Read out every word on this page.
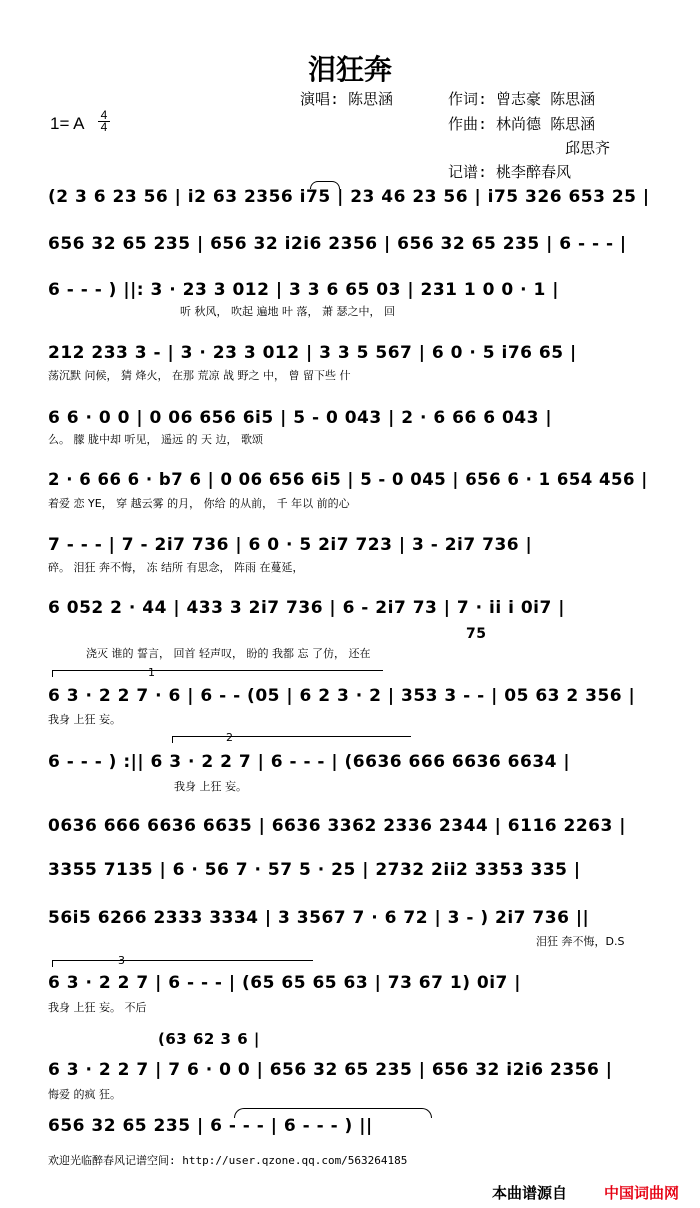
泪狂奔
演唱: 陈思涵	作词: 曾志豪 陈思涵
1= A $\frac{4}{4}$	作曲: 林尚德 陈思涵
邱思齐
记谱: 桃李醉春风
(2 3 6 23 56 | i2 63 2356 i75 | 23 46 23 56 | i75 326 653 25 |
656 32 65 235 | 656 32 i2i6 2356 | 656 32 65 235 | 6 - - - |
6 - - - ) ||: 3 · 23 3 012 | 3 3 6 65 03 | 231 1 0 0 · 1 |
听 秋风， 吹起 遍地 叶 落， 萧 瑟之中， 回
212 233 3 - | 3 · 23 3 012 | 3 3 5 567 | 6 0 · 5 i76 65 |
荡沉默 问候， 猜 烽火， 在那 荒凉 战 野之 中， 曾 留下些 什
6 6 · 0 0 | 0 06 656 6i5 | 5 - 0 043 | 2 · 6 66 6 043 |
么。 朦 胧中却 听见， 遥远 的 天 边， 歌颂
2 · 6 66 6 · b7 6 | 0 06 656 6i5 | 5 - 0 045 | 656 6 · 1 654 456 |
着爱 恋 YE， 穿 越云雾 的月， 你给 的从前， 千 年以 前的心
7 - - - | 7 - 2i7 736 | 6 0 · 5 2i7 723 | 3 - 2i7 736 |
碎。 泪狂 奔不悔， 冻 结所 有思念， 阵雨 在蔓延，
6 052 2 · 44 | 433 3 2i7 736 | 6 - 2i7 73 | 7 · ii i 0i7 |
75
浇灭 谁的 誓言， 回首 轻声叹， 盼的 我都 忘 了仿， 还在
1
6 3 · 2 2 7 · 6 | 6 - - (05 | 6 2 3 · 2 | 353 3 - - | 05 63 2 356 |
我身 上狂 妄。
2
6 - - - ) :|| 6 3 · 2 2 7 | 6 - - - | (6636 666 6636 6634 |
我身 上狂 妄。
0636 666 6636 6635 | 6636 3362 2336 2344 | 6116 2263 |
3355 7135 | 6 · 56 7 · 57 5 · 25 | 2732 2ii2 3353 335 |
56i5 6266 2333 3334 | 3 3567 7 · 6 72 | 3 - ) 2i7 736 ||
泪狂 奔不悔，D.S
3
6 3 · 2 2 7 | 6 - - - | (65 65 65 63 | 73 67 1) 0i7 |
我身 上狂 妄。 不后
(63 62 3 6 |
6 3 · 2 2 7 | 7 6 · 0 0 | 656 32 65 235 | 656 32 i2i6 2356 |
悔爱 的疯 狂。
656 32 65 235 | 6 - - - | 6 - - - ) ||
欢迎光临醉春风记谱空间: http://user.qzone.qq.com/563264185
本曲谱源自 中国词曲网
